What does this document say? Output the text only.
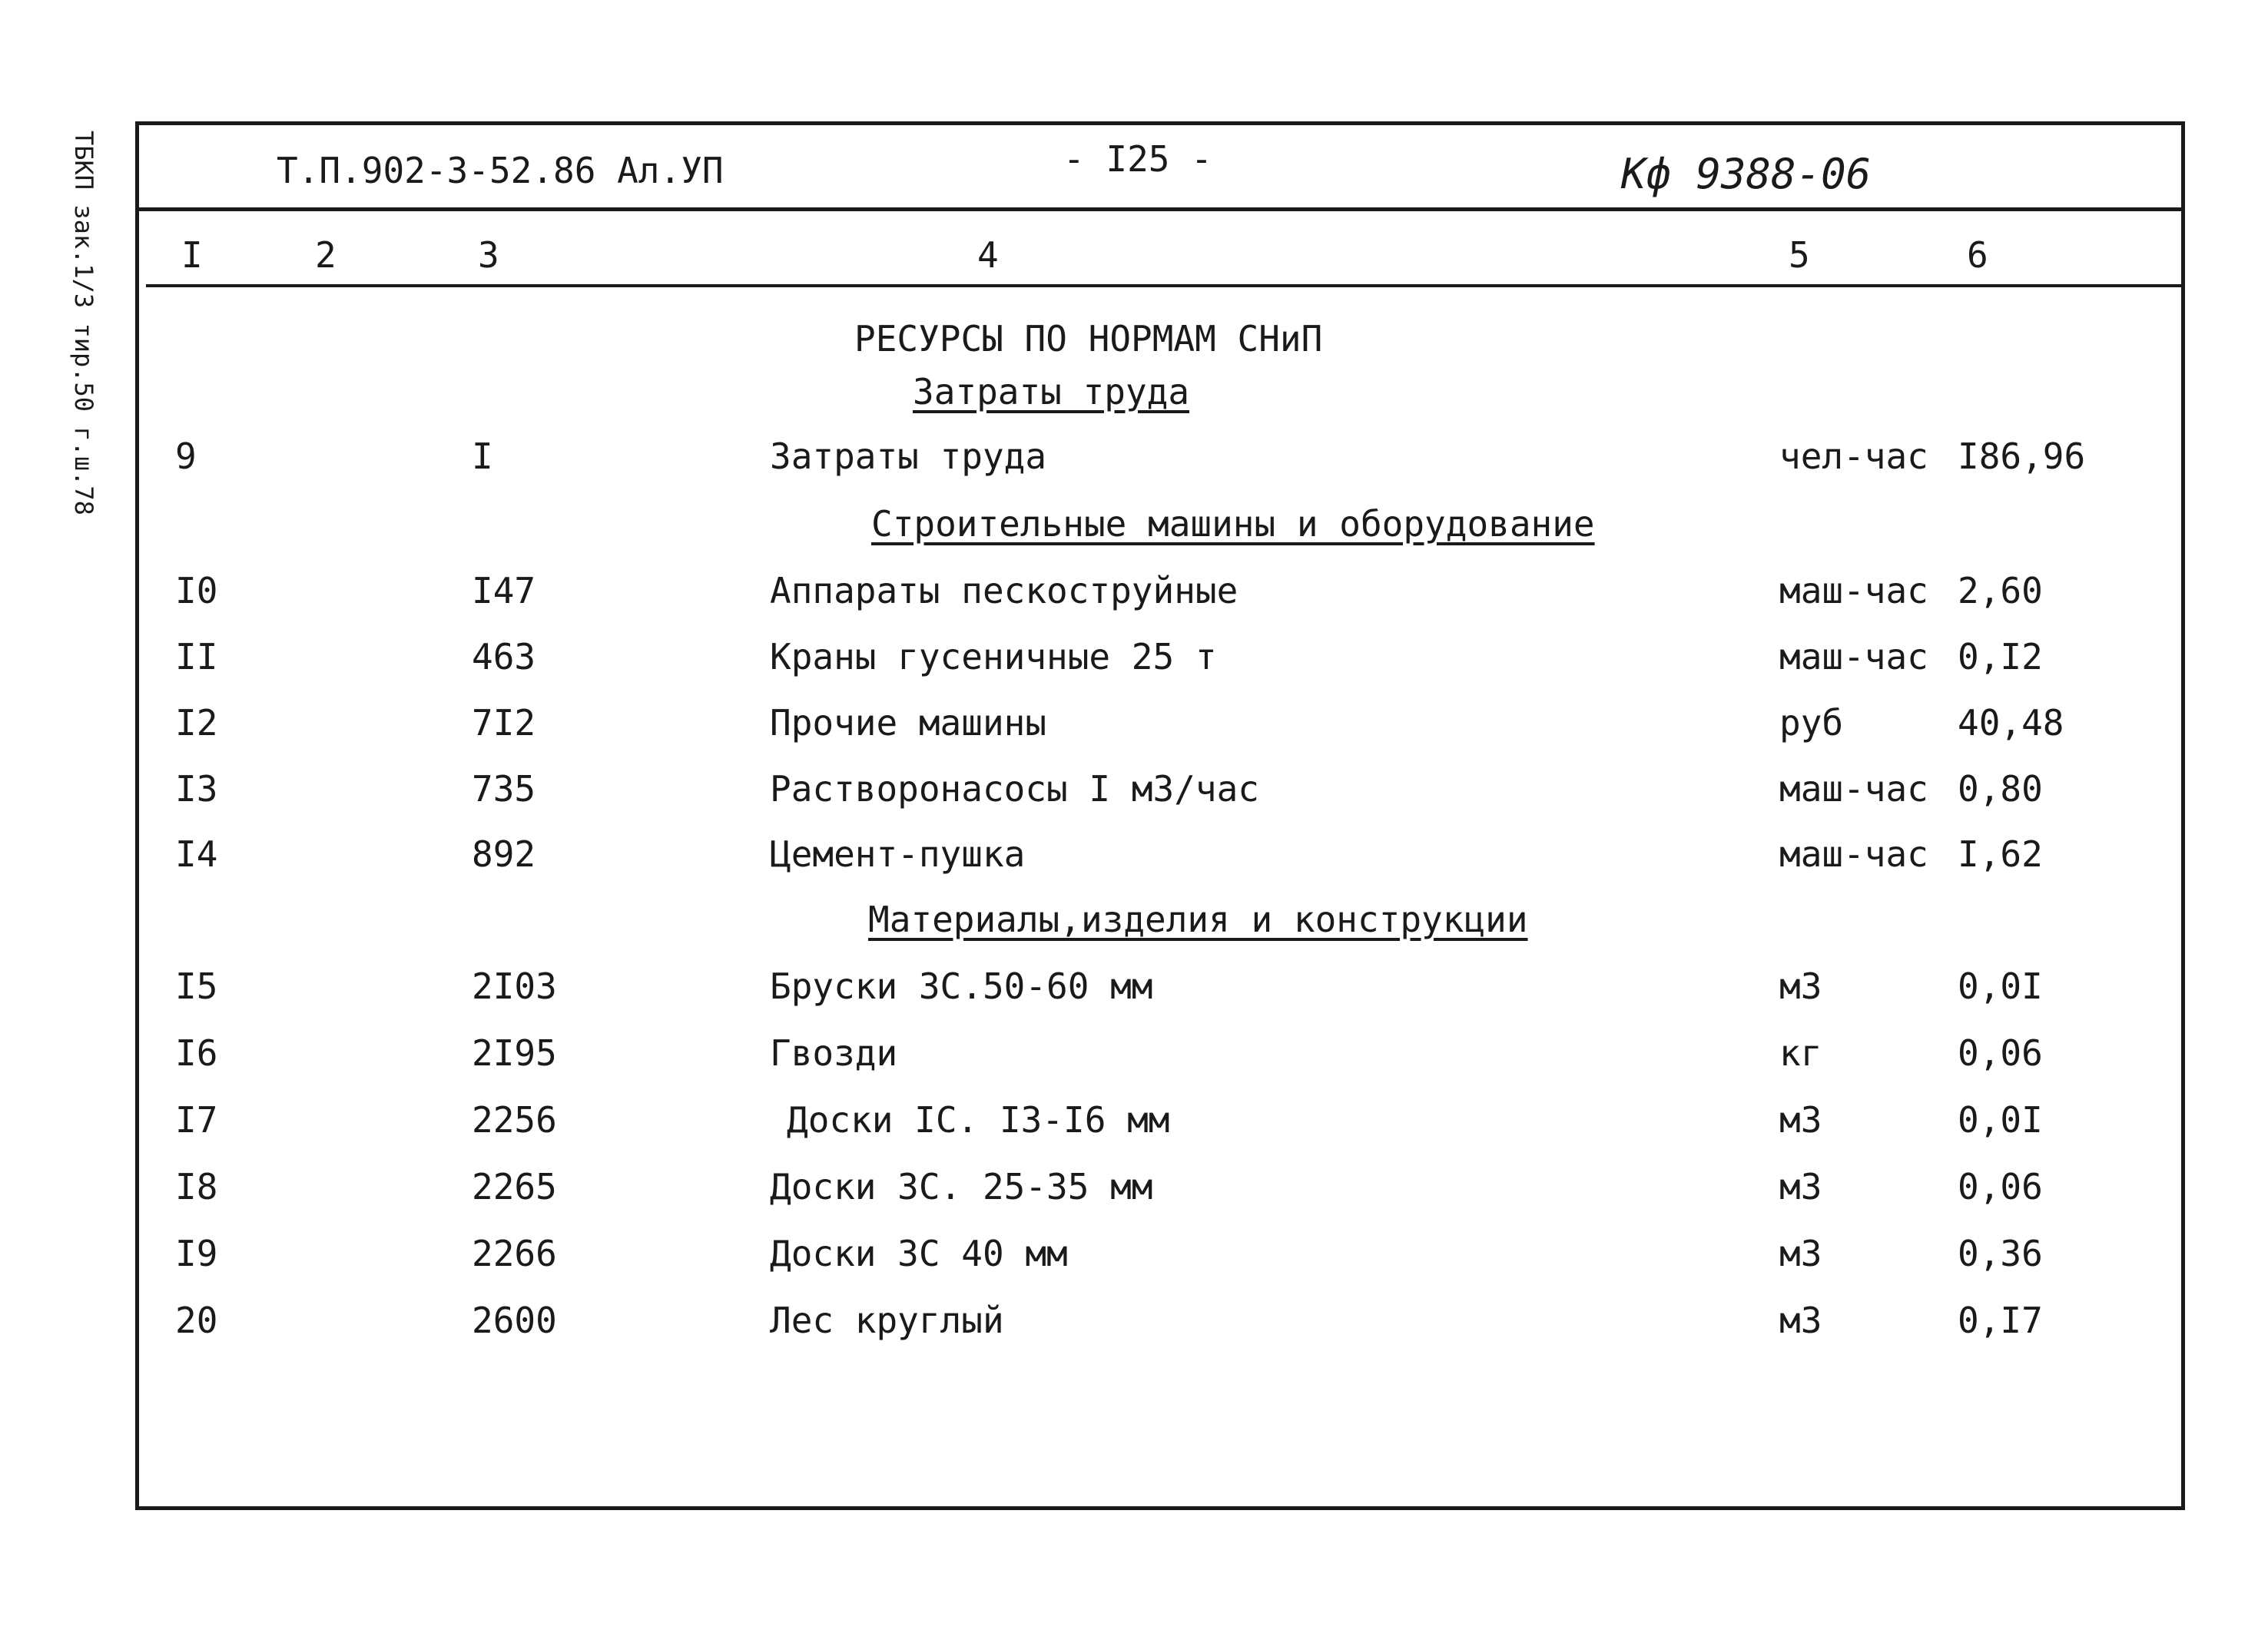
ТБКП зак.1/3 тир.50 г.ш.78	Т.П.902-3-52.86 Ал.УП	- I25 -	Кф 9388-06
I	2	3	4	5	6
РЕСУРСЫ ПО НОРМАМ СНиП
Затраты труда
9	I	Затраты труда	чел-час I86,96
Строительные машины и оборудование
I0	I47	Аппараты пескоструйные	маш-час 2,60
II	463	Краны гусеничные 25 т	маш-час 0,I2
I2	7I2	Прочие машины	руб	40,48
I3	735	Растворонасосы I м3/час	маш-час 0,80
I4	892	Цемент-пушка	маш-час I,62
Материалы,изделия и конструкции
I5	2I03	Бруски 3С.50-60 мм	м3	0,0I
I6	2I95	Гвозди	кг	0,06
I7	2256	Доски IС. I3-I6 мм	м3	0,0I
I8	2265	Доски 3С. 25-35 мм	м3	0,06
I9	2266	Доски 3С 40 мм	м3	0,36
20	2600	Лес круглый	м3	0,I7
